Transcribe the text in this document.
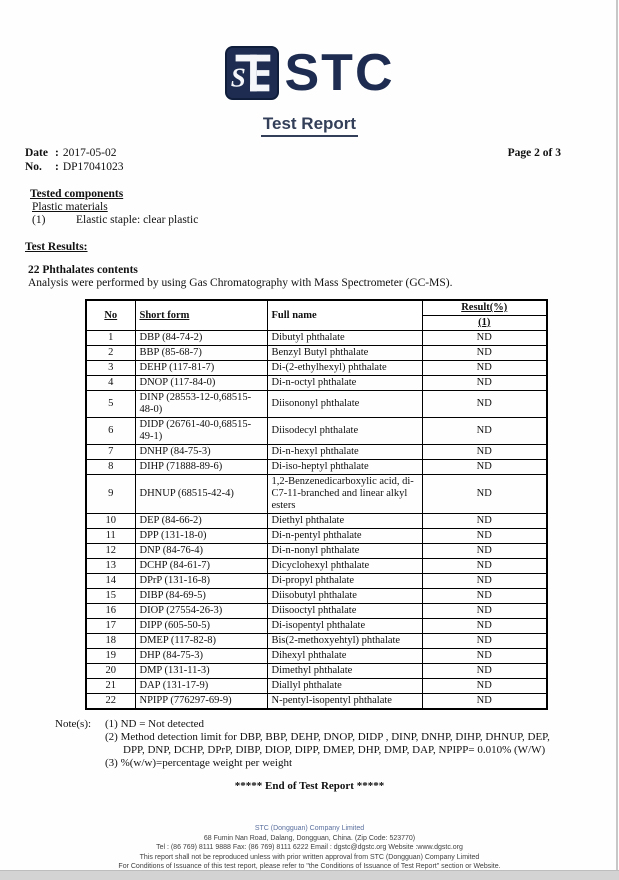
S STC
Test Report
Date : 2017-05-02
No.	: DP17041023
Page 2 of 3
Tested components
Plastic materials
(1)	Elastic staple: clear plastic
Test Results:
22 Phthalates contents
Analysis were performed by using Gas Chromatography with Mass Spectrometer (GC-MS).
No	Short form	Full name	Result(%)
			(1)
1	DBP (84-74-2)	Dibutyl phthalate	ND
2	BBP (85-68-7)	Benzyl Butyl phthalate	ND
3	DEHP (117-81-7)	Di-(2-ethylhexyl) phthalate	ND
4	DNOP (117-84-0)	Di-n-octyl phthalate	ND
5	DINP (28553-12-0,68515-48-0)	Diisononyl phthalate	ND
6	DIDP (26761-40-0,68515-49-1)	Diisodecyl phthalate	ND
7	DNHP (84-75-3)	Di-n-hexyl phthalate	ND
8	DIHP (71888-89-6)	Di-iso-heptyl phthalate	ND
9	DHNUP (68515-42-4)	1,2-Benzenedicarboxylic acid, di-C7-11-branched and linear alkyl esters	ND
10	DEP (84-66-2)	Diethyl phthalate	ND
11	DPP (131-18-0)	Di-n-pentyl phthalate	ND
12	DNP (84-76-4)	Di-n-nonyl phthalate	ND
13	DCHP (84-61-7)	Dicyclohexyl phthalate	ND
14	DPrP (131-16-8)	Di-propyl phthalate	ND
15	DIBP (84-69-5)	Diisobutyl phthalate	ND
16	DIOP (27554-26-3)	Diisooctyl phthalate	ND
17	DIPP (605-50-5)	Di-isopentyl phthalate	ND
18	DMEP (117-82-8)	Bis(2-methoxyehtyl) phthalate	ND
19	DHP (84-75-3)	Dihexyl phthalate	ND
20	DMP (131-11-3)	Dimethyl phthalate	ND
21	DAP (131-17-9)	Diallyl phthalate	ND
22	NPIPP (776297-69-9)	N-pentyl-isopentyl phthalate	ND
Note(s):	(1) ND = Not detected
(2) Method detection limit for DBP, BBP, DEHP, DNOP, DIDP , DINP, DNHP, DIHP, DHNUP, DEP, DPP, DNP, DCHP, DPrP, DIBP, DIOP, DIPP, DMEP, DHP, DMP, DAP, NPIPP= 0.010% (W/W)
(3) %(w/w)=percentage weight per weight
***** End of Test Report *****
STC (Dongguan) Company Limited
68 Fumin Nan Road, Dalang, Dongguan, China. (Zip Code: 523770)
Tel : (86 769) 8111 9888 Fax: (86 769) 8111 6222 Email : dgstc@dgstc.org Website :www.dgstc.org
This report shall not be reproduced unless with prior written approval from STC (Dongguan) Company Limited
For Conditions of Issuance of this test report, please refer to "the Conditions of Issuance of Test Report" section or Website.
